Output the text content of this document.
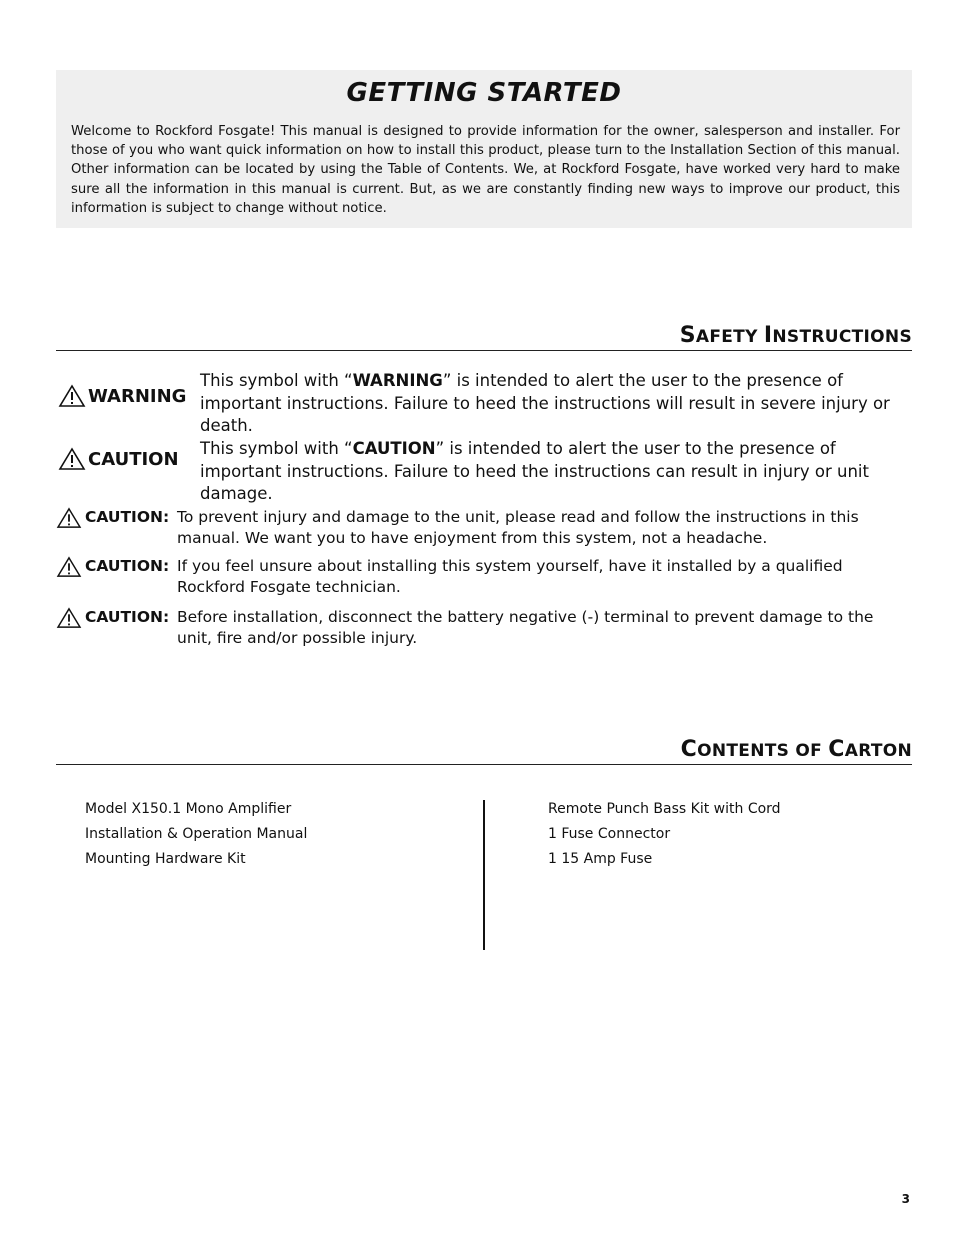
GETTING STARTED
Welcome to Rockford Fosgate! This manual is designed to provide information for the owner, salesperson and installer. For those of you who want quick information on how to install this product, please turn to the Installation Section of this manual. Other information can be located by using the Table of Contents. We, at Rockford Fosgate, have worked very hard to make sure all the information in this manual is current. But, as we are constantly finding new ways to improve our product, this information is subject to change without notice.
SAFETY INSTRUCTIONS
WARNING
This symbol with “WARNING” is intended to alert the user to the presence of important instructions. Failure to heed the instructions will result in severe injury or death.
CAUTION This symbol with “CAUTION” is intended to alert the user to the presence of important instructions. Failure to heed the instructions can result in injury or unit damage.
CAUTION: To prevent injury and damage to the unit, please read and follow the instructions in this manual. We want you to have enjoyment from this system, not a headache.
CAUTION: If you feel unsure about installing this system yourself, have it installed by a qualified Rockford Fosgate technician.
CAUTION: Before installation, disconnect the battery negative (-) terminal to prevent damage to the unit, fire and/or possible injury.
CONTENTS OF CARTON
Model X150.1 Mono Amplifier
Installation & Operation Manual
Mounting Hardware Kit
Remote Punch Bass Kit with Cord
1 Fuse Connector
1 15 Amp Fuse
3
